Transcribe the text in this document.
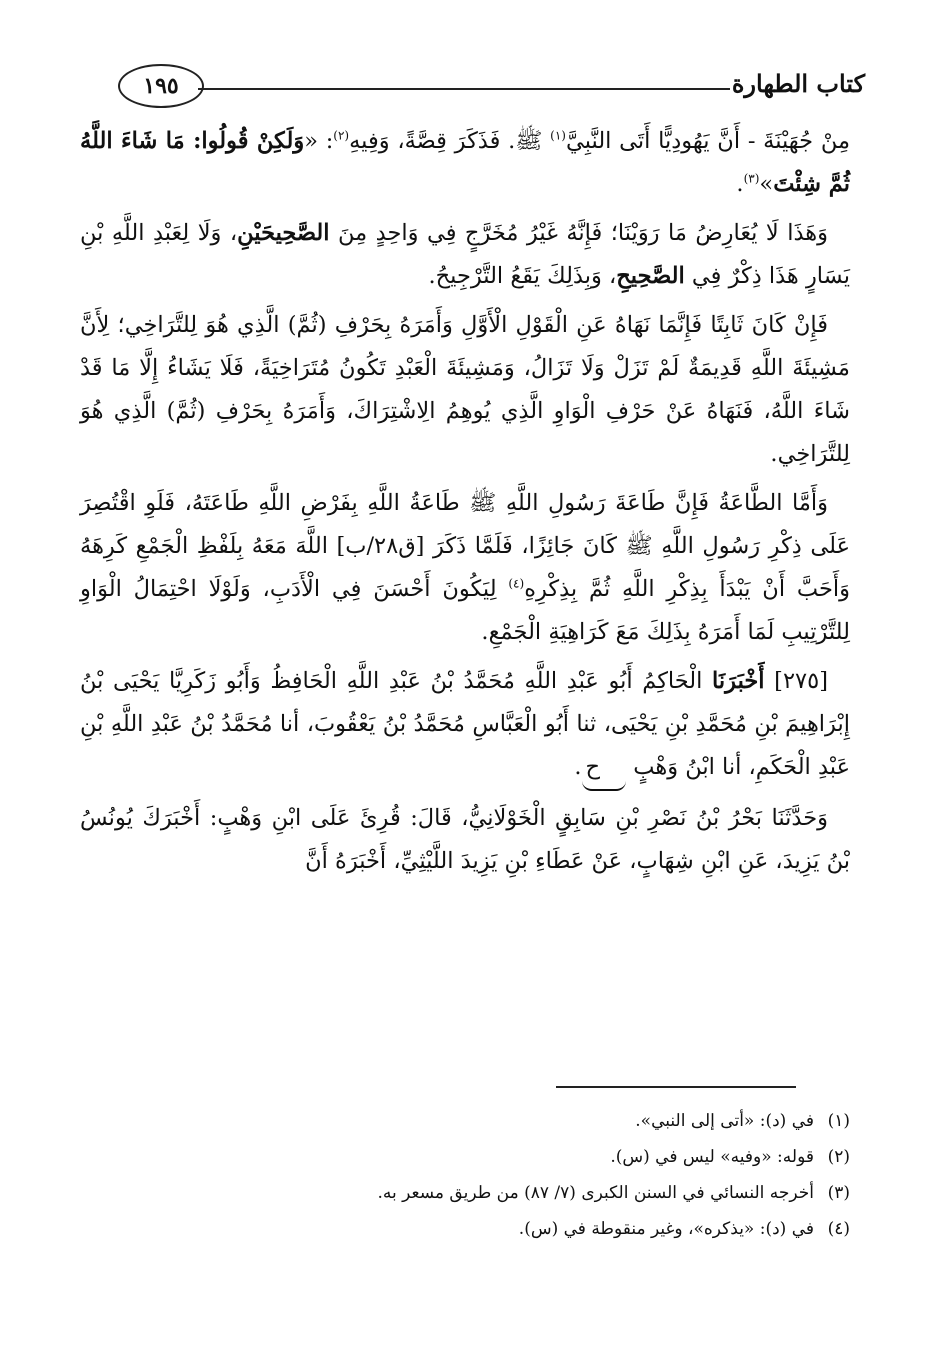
كتاب الطهارة
١٩٥

مِنْ جُهَيْنَةَ - أَنَّ يَهُودِيًّا أَتَى النَّبِيَّ$^{(١)}$ ﷺ. فَذَكَرَ قِصَّةً، وَفِيهِ$^{(٢)}$: «وَلَكِنْ قُولُوا: مَا شَاءَ اللَّهُ ثُمَّ شِئْتَ»$^{(٣)}$.

وَهَذَا لَا يُعَارِضُ مَا رَوَيْنَا؛ فَإِنَّهُ غَيْرُ مُخَرَّجٍ فِي وَاحِدٍ مِنَ الصَّحِيحَيْنِ، وَلَا لِعَبْدِ اللَّهِ بْنِ يَسَارٍ هَذَا ذِكْرٌ فِي الصَّحِيحِ، وَبِذَلِكَ يَقَعُ التَّرْجِيحُ.

فَإِنْ كَانَ ثَابِتًا فَإِنَّمَا نَهَاهُ عَنِ الْقَوْلِ الْأَوَّلِ وَأَمَرَهُ بِحَرْفِ (ثُمَّ) الَّذِي هُوَ لِلتَّرَاخِي؛ لِأَنَّ مَشِيئَةَ اللَّهِ قَدِيمَةٌ لَمْ تَزَلْ وَلَا تَزَالُ، وَمَشِيئَةَ الْعَبْدِ تَكُونُ مُتَرَاخِيَةً، فَلَا يَشَاءُ إِلَّا مَا قَدْ شَاءَ اللَّهُ، فَنَهَاهُ عَنْ حَرْفِ الْوَاوِ الَّذِي يُوهِمُ الِاشْتِرَاكَ، وَأَمَرَهُ بِحَرْفِ (ثُمَّ) الَّذِي هُوَ لِلتَّرَاخِي.

وَأَمَّا الطَّاعَةُ فَإِنَّ طَاعَةَ رَسُولِ اللَّهِ ﷺ طَاعَةُ اللَّهِ بِفَرْضِ اللَّهِ طَاعَتَهُ، فَلَوِ اقْتُصِرَ عَلَى ذِكْرِ رَسُولِ اللَّهِ ﷺ كَانَ جَائِزًا، فَلَمَّا ذَكَرَ [ق٢٨/ب] اللَّهَ مَعَهُ بِلَفْظِ الْجَمْعِ كَرِهَهُ وَأَحَبَّ أَنْ يَبْدَأَ بِذِكْرِ اللَّهِ ثُمَّ بِذِكْرِهِ$^{(٤)}$ لِيَكُونَ أَحْسَنَ فِي الْأَدَبِ، وَلَوْلَا احْتِمَالُ الْوَاوِ لِلتَّرْتِيبِ لَمَا أَمَرَهُ بِذَلِكَ مَعَ كَرَاهِيَةِ الْجَمْعِ.

[٢٧٥] أَخْبَرَنَا الْحَاكِمُ أَبُو عَبْدِ اللَّهِ مُحَمَّدُ بْنُ عَبْدِ اللَّهِ الْحَافِظُ وَأَبُو زَكَرِيَّا يَحْيَى بْنُ إِبْرَاهِيمَ بْنِ مُحَمَّدِ بْنِ يَحْيَى، ثنا أَبُو الْعَبَّاسِ مُحَمَّدُ بْنُ يَعْقُوبَ، أنا مُحَمَّدُ بْنُ عَبْدِ اللَّهِ بْنِ عَبْدِ الْحَكَمِ، أنا ابْنُ وَهْبٍ ح.

وَحَدَّثَنَا بَحْرُ بْنُ نَصْرِ بْنِ سَابِقٍ الْخَوْلَانِيُّ، قَالَ: قُرِئَ عَلَى ابْنِ وَهْبٍ: أَخْبَرَكَ يُونُسُ بْنُ يَزِيدَ، عَنِ ابْنِ شِهَابٍ، عَنْ عَطَاءِ بْنِ يَزِيدَ اللَّيْثِيِّ، أَخْبَرَهُ أَنَّ

(١)في (د): «أتى إلى النبي».
(٢)قوله: «وفيه» ليس في (س).
(٣)أخرجه النسائي في السنن الكبرى (٧/ ٨٧) من طريق مسعر به.
(٤)في (د): «يذكره»، وغير منقوطة في (س).
